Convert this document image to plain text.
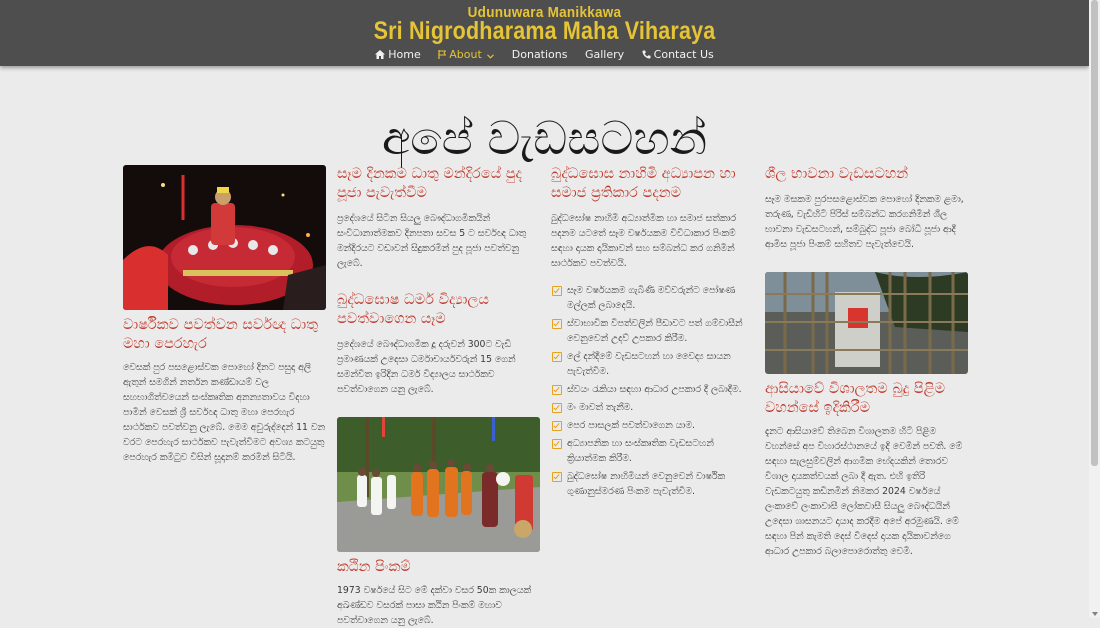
Udunuwara Manikkawa
Sri Nigrodharama Maha Viharaya
Home	About	Donations Gallery	Contact Us
අපේ වැඩසටහන්
වාර්ෂිකව පවත්වන සර්වඥ ධාතු මහා පෙරහැර

වෙසක් පුර පසළොස්වක පොහෝ දිනට පසුදා අලි ඇතුන් සමගින් නර්තන කණ්ඩායම් වල සහභාගිත්වයෙන් සංස්කෘතික අනන්‍යතාවය විදහා පාමින් වෙසක් ශ්‍රී සර්වඥ ධාතු මහා පෙරහැර සාර්ථකව පවත්වනු ලැබේ. මෙම අවුරුද්දෙන් 11 වන වරට පෙරහැර සාර්ථකව පැවැත්වීමට අවශ්‍ය කටයුතු පෙරහැර කමිටුව විසින් සූදානම් කරමින් සිටියි.

සෑම දිනකම ධාතු මන්දිරයේ පුද පූජා පැවැත්වීම

ප්‍රදේශයේ සිටින සියලු බෞද්ධාගමිකයින් සංවිධානාත්මකව දිනපතා සවස 5 ට සර්වඥ ධාතු මන්දිරයට වඩාවන් සිදුකරමින් පුද පූජා පවත්වනු ලැබේ.

බුද්ධඝොෂ ධර්ම විද්‍යාලය පවත්වාගෙන යෑම

ප්‍රදේශයේ බෞද්ධාගමික දූ දරුවන් 300ට වැඩි ප්‍රමාණයක් උදෙසා ධර්මාචාර්යවරුන් 15 ගෙන් සමන්විත ඉරිදින ධර්ම විද්‍යාලය සාර්ථකව පවත්වාගෙන යනු ලැබේ.

කඨින පිංකම්

1973 වර්ෂයේ සිට මේ දක්වා වසර 50ක කාලයක් අඛණ්ඩව වසරක් පාසා කඨින පිංකම් මහාව පවත්වාගෙන යනු ලැබේ.

බුද්ධඝොස නාහිමි අධ්‍යාපන හා සමාජ ප්‍රතිකාර පදනම

බුද්ධඝෝෂ නාහිමි අධ්‍යාත්මික හා සමාජ සත්කාර පදනම යටතේ සෑම වර්ෂයකම විවිධාකාර පිංකම් සඳහා දායක දායිකාවන් සහ සම්බන්ධ කර ගනිමින් සාර්ථකව පවත්වයි.

සෑම වර්ෂයකම ගැබිණි මව්වරුන්ට පෝෂණ මල්ලක් ලබාදෙයි.
ස්වාභාවික විපත්වලින් පීඩාවට පත් ගම්වාසීන් වෙනුවෙන් උදව් උපකාර කිරීම.
ලේ දන්දීමේ වැඩසටහන් හා වෛද්‍ය සායන පැවැත්වීම.
ස්වයං රැකියා සඳහා ආධාර උපකාර දී ලබාදීම.
මං මාවත් තැනීම.
පෙර පාසලක් පවත්වාගෙන යාම.
අධ්‍යාපනික හා සංස්කෘතික වැඩසටහන් ක්‍රියාත්මක කිරීම.
බුද්ධඝෝෂ නාහිමියන් වෙනුවෙන් වාර්ෂික ගුණානුස්මරණ පිංකම පැවැත්වීම.
ශීල භාවනා වැඩසටහන්

සෑම මසකම පුරපසළොස්වක පොහෝ දිනකම ළමා, තරුණ, වැඩිහිටි පිරිස් සම්බන්ධ කරගනිමින් ශීල භාවනා වැඩසටහන්, සම්බුද්ධ පූජා බෝධි පූජා ආදී ආමිස පූජා පිංකම් සහිතව පැවැත්වෙයි.

ආසියාවේ විශාලතම බුදු පිළිම වහන්සේ ඉදිකිරීම

දැනට ආසියාවේ තිබෙන විශාලතම හිටි පිළිම වහන්සේ අප විහාරස්ථානයේ ඉදි වෙමින් පවතී. මේ සඳහා සැලසුම්වලින් ආගමික භේදයකින් තොරව විශාල දායකත්වයක් ලබා දී ඇත. එහි ඉතිරි වැඩකටයුතු කඩිනමින් නිමකර 2024 වර්ෂයේ ලංකාවේ ලංකාවාසී ලෝකවාසී සියලු බෞද්ධයින් උදෙසා ශාසනයට දායාද කරදීම අපේ අරමුණයි. මේ සඳහා පින් කැමති දෙස් විදෙස් දායක දායිකාවන්ගෙ ආධාර උපකාර බලාපොරොත්තු වෙමි.
